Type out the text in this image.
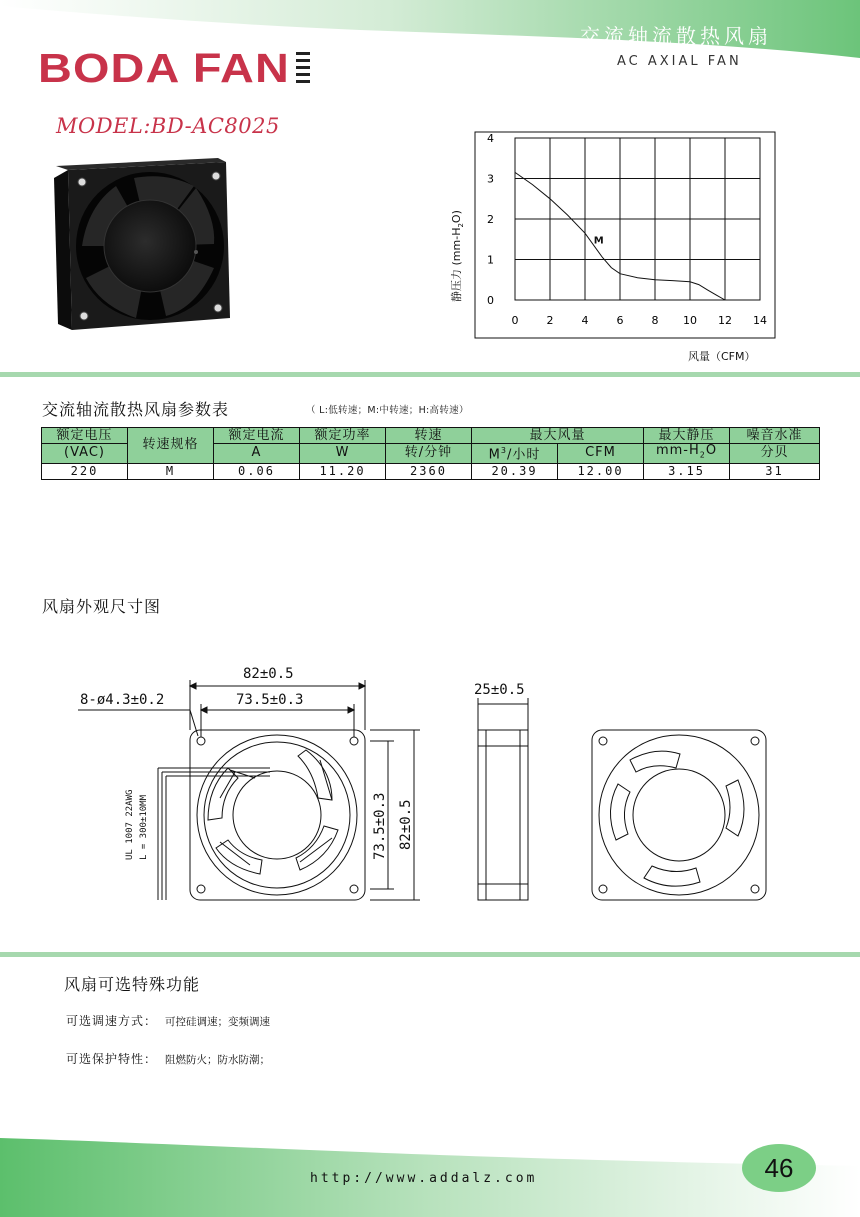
交流轴流散热风扇
AC AXIAL FAN
BODA FAN
MODEL:BD-AC8025
0	2	4	6	8 10 12 14
0
1
2
3
4
M
静压力 $(mm-H_2O)$
风量（CFM）
交流轴流散热风扇参数表	（ L:低转速；M:中转速；H:高转速）
额定电压	转速规格	额定电流	额定功率	转速	最大风量		最大静压	噪音水准
(VAC)		A	W	转/分钟	$M^3/$小时	CFM	$mm-H_2O$	分贝
220	M	0.06	11.20	2360	20.39	12.00	3.15	31
风扇外观尺寸图
82±0.5
73.5±0.3
8-ø4.3±0.2
25±0.5
82±0.5
73.5±0.3
UL 1007 22AWG L = 300±10MM
风扇可选特殊功能
可选调速方式： 可控硅调速；变频调速
可选保护特性： 阻燃防火；防水防潮；
http://www.addalz.com	46
